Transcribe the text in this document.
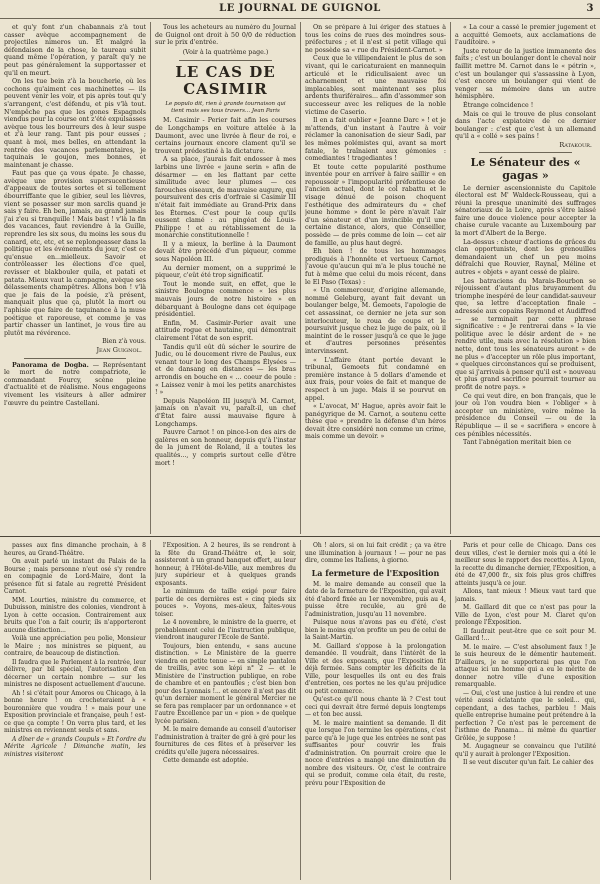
LE JOURNAL DE GUIGNOL	3

et qu'y font z'un chabannais z'à tout casser avèque accompagnement de projectiles nimeros un. Et malgré la défendaison de la chose, le taureau subit quand même l'opération, y paraît qu'y ne peut pas généralement la supportasser et qu'il en meurt.

On les tue bein z'à la boucherie, où les cochons qu'aiment ces machinettes — ils peuvent venir les voir, et pis après tout qu'y s'arrangent, c'est défendu, et pis v'là tout. N'empêche pas que les gones Espagnols viendus pour la course ont z'été expulsasses avèque tous les bourreurs des à leur suspe et z'à leur rang. Tant pis pour eusses ; quant à moi, mes belles, en attendant la rentrée des vacances parlementaires, je taquinais le goujon, mes bonnes, et maintenant je chasse.

Faut pas que ça vous épate. Je chasse, avèque une provision supersucentieuse d'appeaux de toutes sortes et si tellement ébourriffante que le gibier, seul les lièvres, vient se posasser sur mon sarclis quand je sais y faire. Eh ben, jamais, au grand jamais j'ai z'eu si tranquille ! Mais bast ! v'là la fin des vacances, faut reviendre à la Guille, reprendre les six sous, du moins les sous du canard, etc, etc, et se replongeasser dans la politique et les événements du jour, c'est ce qu'ensue en...mielleux. Savoir et contrôleasser les élections d'ce quel, revisser et blakbouler quila, et patati et patata. Mieux vaut la campagne, avèque ses délassements champêtres. Allons bon ! v'là que je fais de la poésie, z'à présent, manquait plus que ça, plutôt la mort ou l'aphisie que faire de taquinance à la muse poétique et raporeuse, et comme je vas partir chasser un lantinet, je vous tire au plutôt ma révérence.

Bien z'à vous.

Jean Guignol.

Panorama de Dogba. — Représentant le mort de notre compatriote, le commandant Fourcy, scène pleine d'actualité et de réalisme. Nous engageons vivement les visiteurs à aller admirer l'œuvre du peintre Castellani.

Tous les acheteurs au numéro du Journal de Guignol ont droit à 50 0/0 de réduction sur le prix d'entrée.

(Voir à la quatrième page.)
LE CAS DE CASIMIR
Le populo dit, rien à grande tournaison qui tient mais ses tous travers... Jean Paris

M. Casimir - Perier fait afin les courses de Longchamps en voiture attelée à la Daumont, avec une livrée à fleur de roi, e certains journaux encore clament qu'il se trouvent prédestiné à la dictature.

A sa place, j'aurais fait endosser à mes larbins une livrée « jaune serin » afin de désarmer — en les flattant par cette similitude avec leur plumes — ces farouches oiseaux, de mauvaise augure, qui poursuivent des cris d'orfraie si Casimir III n'était fait immédiate au Grand-Prix dans les Éternes. C'est pour le coup qu'ils eussent clamé : au pingéat de Louis-Philippe ! et au rétablissement de la monarchie constitutionnelle !

Il y a mieux, la berline à la Daumont devait être précédé d'un piqueur, comme sous Napoléon III.

Au dernier moment, on a supprimé le piqueur, c'eût été trop significatif.

Tout le monde suit, en effet, que le sinistre Boulogne commence « les plus mauvais jours de notre histoire » en débarquant à Boulogne dans cet équipage présidentiel.

Enfin, M. Casimir-Perier avait une attitude rogue et hautaine, qui démontrait clairement l'état de son esprit.

Tandis qu'il eût dû sécher le sourire de Judic, ou le doucement rivre de Paulus, eux venant tour le long des Champs Élysées — et de dansang en distances — les bras arrondis en bouche en « … coeur de poule : « Laissez venir à moi les petits anarchistes ! »

Depuis Napoléon III jusqu'à M. Carnot, jamais on n'avait vu, paraît-il, un chef d'État faire aussi mauvaise figure à Longchamps.

Pauvre Carnot ! on pince-l-on des airs de galères en son honneur, depuis qu'à l'instar de la jument de Roland, il a toutes les qualités..., y compris surtout celle d'être mort !

On se prépare à lui ériger des statues à tous les coins de rues des moindres sous-préfectures ; et il n'est si petit village qui ne possède sa « rue du Président-Carnot. »

Ceux que le villipendaient le plus de son vivant, qui le caricaturaient en mannequin articulé et le ridiculisaient avec un acharnement et une mauvaise foi implacables, sont maintenant ses plus ardents thuriféraires... afin d'assommer son successeur avec les reliques de la noble victime de Caserio.

Il en a fait oublier « Jeanne Darc » ! et je m'attends, d'un instant à l'autre à voir réclamer la canonisation de sieur Sadi, par les mêmes polémistes qui, avant sa mort fatale, le traînaient aux gémonies : comediantes ! tragediantes !

Et toute cette popularité posthume inventée pour en arriver à faire saillir « en repoussoir » l'impopularité préfentieuse de l'ancien actuel, dont le col rabattu et le visage dénué de poison choquent l'esthétique des admirateurs du « chef jeune homme » dont le père n'avait l'air d'un sénateur et d'un invincible qu'il une certaine distance, alors, que Conseiller, possède — de près comme de loin — cet air de famille, au plus haut degré.

Eh bien ! de tous les hommages prodigués à l'honnête et vertueux Carnot, j'avoue qu'aucun qui m'a le plus touché ne fut à même que celui du mois récent, dans le El Paso (Texas) :

« Un commerceur, d'origine allemande, nommé Geleburg, ayant fait devant un boulanger belge, M. Gemoets, l'apologie de cet assassinat, ce dernier ne jeta sur son interlocuteur, le roua de coups et le poursuivit jusque chez le juge de paix, où il maintint de le rosser jusqu'à ce que le juge et d'autres personnes présentes intervinssent.

« L'affaire étant portée devant le tribunal, Gemoets fut condamné en première instance à 5 dollars d'amende et aux frais, pour voies de fait et manque de respect à un juge. Mais il se pourvut en appel.

« L'avocat, M' Hague, après avoir fait le panégyrique de M. Carnot, a soutenu cette thèse que « prendre la défense d'un héros devait être considéré non comme un crime, mais comme un devoir. »

« La cour a cassé le premier jugement et a acquitté Gemoets, aux acclamations de l'auditoire. »

Juste retour de la justice immanente des faits ; c'est un boulanger dont le cheval noir faillit mettre M. Carnot dans le « pétrin », c'est un boulanger qui s'assassine à Lyon, c'est encore un boulanger qui vient de venger sa mémoire dans un autre hémisphère.

Étrange coïncidence !

Mais ce qui le trouve de plus consolant dans l'acte expiatoire de ce dernier boulanger : c'est que c'est à un allemand qu'il a « collé » ses pains !

Ratakour.
Le Sénateur des « gagas »

Le dernier ascensionniste du Capitole électoral est M' Waldeck-Rousseau, qui a réuni la presque unanimité des suffrages sénatoriaux de la Loire, après s'être laissé faire une douce violence pour accepter la chaise curule vacante au Luxembourg par la mort d'Albert de la Berge.

La-dessus : chœur d'actions de grâces du clan opportuniste, dont les grenouilles demandaient un chef un peu moins défraîchi que Rouvier, Raynal, Méline et autres « objets » ayant cessé de plaire.

Les batraciens du Marais-Bourbon se réjouissent d'autant plus bruyamment du triomphe inespéré de leur candidat-sauveur que, sa lettre d'acceptation finale – adressée aux copains Reymond et Audiffred — se terminait par cette phrase significative : « Je rentrerai dans » la vie politique avec le désir ardent de » ne rendre utile, mais avec la résolution » bien nette, dont tous les sénateurs auront » de ne plus » d'accepter un rôle plus important, « quelques circonstances qui se produisent, que si j'arrivais à penser qu'il est » nouveau et plus grand sacrifice pourrait tourner au profit de notre pays. »

Ce qui veut dire, en bon français, que le jour où l'on voudra bien « l'obliger » à accepter un ministère, voire même la présidence du Conseil — ou de la République — il se « sacrifiera » encore à ces pénibles nécessités.

Tant l'abnégation meritait bien ce

passes aux fins dimanche prochain, à 8 heures, au Grand-Théâtre.

On avait parlé un instant du Palais de la Bourse ; mais personne n'eut osé s'y rendre en compagnie de Lord-Maire, dont la présence fût si fatale au regretté Président Carnot.

MM. Lourties, ministre du commerce, et Dubuisson, ministre des colonies, viendront à Lyon à cette occasion. Contrairement aux bruits que l'on a fait courir, ils n'apporteront aucune distinction...

Voilà une appréciation peu polie, Monsieur le Maire ; nos ministres se piquent, au contraire, de beaucoup de distinction.

Il faudra que le Parlement à la rentrée, leur délivre, par bil spécial, l'autorisation d'en décerner un certain nombre — sur les ministres ne disposent actuellement d'aucune.

Ah ! si c'était pour Amoros ou Chicago, à la bonne heure ! on crocheteraient à « bouronnière que voudra ! » mais pour une Exposition provinciale et française, peuh ! est-ce que ça compte ! On verra plus tard, et les ministres en reviennent seuls et sans.

A dîner de « grands Coupuls » Et l'ordre du Mérite Agricole ! Dimanche matin, les ministres visiteront

l'Exposition. A 2 heures, ils se rendront à la fête du Grand-Théâtre et, le soir, assisteront à un grand banquet offert, au leur honneur, à l'Hôtel-de-Ville, aux membres du jury supérieur et à quelques grands exposants.

Le minimum de taille exigé pour faire partie de ces dernières est « cinq pieds six pouces ». Voyons, mes-aïeux, faites-vous toiser.

Le 4 novembre, le ministre de la guerre, et probablement celui de l'instruction publique, viendront inaugurer l'Ecole de Santé.

Toujours, bien entendu, « sans aucune distinction. » Le Ministère de la guerre viendra en petite tenue — en simple pantalon de treillis, avec son képi n° 2 — et le Ministère de l'instruction publique, en robe de chambre et en pantoufles ; c'est bien bon pour des Lyonnais !... et encore il n'est pas dit qu'un dernier moment le général Mercier ne se fera pas remplacer par un ordonnance » et l'autre Excellence par un « pion » de quelque lycée parisien.

M. le maire demande au conseil d'autoriser l'administration à traiter de gré à gré pour les fournitures de ces fêtes et à préserver les crédits qu'elle jugera nécessaires.

Cette demande est adoptée.

Oh ! alors, si on lui fait crédit ; ça va être une illumination à journaux ! — pour ne pas dire, comme les Italiens, à giorno.

La fermeture de l'Exposition

M. le maire demande au conseil que la date de la fermeture de l'Exposition, qui avait été d'abord fixée au 1er novembre, puis au 4, puisse être reculée, au gré de l'administration, jusqu'au 11 novembre.

Puisque nous n'avons pas eu d'été, c'est bien le moins qu'on profite un peu de celui de la Saint-Martin.

M. Gaillard s'oppose à la prolongation demandée. Il voudrait, dans l'intérêt de la Ville et des exposants, que l'Exposition fût déjà fermée. Sans compter les déficits de la Ville, pour lesquelles ils ont eu des frais d'entretien, ces portes ne les qu'au préjudice ou petit commerce.

Qu'est-ce qu'il nous chante là ? C'est tout ceci qui devrait être fermé depuis longtemps — et ton bec aussi.

M. le maire maintient sa demande. Il dit que lorsque l'on termine les opérations, c'est parce qu'à le juge que les entrées ne sont pas suffisantes pour couvrir les frais d'administration. On pourrait croire que le nocce d'entrées a mangé une diminution du nombre des visiteurs. Or, c'est le contraire qui se produit, comme cela était, du reste, prévu pour l'Exposition de

Paris et pour celle de Chicago. Dans ces deux villes, c'est le dernier mois qui a été le meilleur sous le rapport des recettes. A Lyon, la recette du dimanche dernier, l'Exposition, a été de 47,000 fr., six fois plus gros chiffres atteints jusqu'à ce jour.

Allons, tant mieux ! Mieux vaut tard que jamais.

M. Gaillard dit que ce n'est pas pour la Ville de Lyon, c'est pour M. Claret qu'on prolonge l'Exposition.

Il faudrait peut-être que ce soit pour M. Gaillard !...

M. le maire. — C'est absolument faux ! Je le suis heureux de le démentir hautement. D'ailleurs, je ne supporterai pas que l'on attaque ici un homme qui a eu le mérite de donner notre ville d'une exposition remarquable.

— Oui, c'est une justice à lui rendre et une vérité aussi éclatante que le soleil... qui, cependant, a des taches, parbleu ! Mais quelle entreprise humaine peut prétendre à la perfection ? Ce n'est pas le percement de l'isthme de Panama... ni même du quartier Grôlée, je suppose !

M. Augagneur se convaincu que l'utilité qu'il y aurait à prolonger l'Exposition.

Il se veut discuter qu'un fait. Le cahier des
